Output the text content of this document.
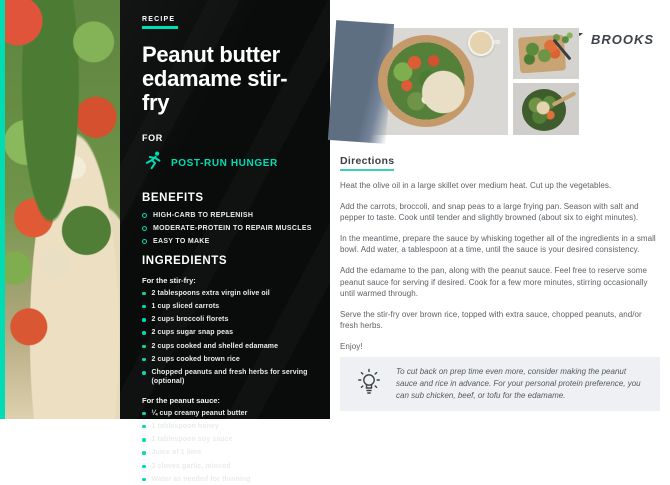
RECIPE
Peanut butter edamame stir-fry
FOR
POST-RUN HUNGER
BENEFITS
HIGH-CARB TO REPLENISH
MODERATE-PROTEIN TO REPAIR MUSCLES
EASY TO MAKE
INGREDIENTS
For the stir-fry:
2 tablespoons extra virgin olive oil
1 cup sliced carrots
2 cups broccoli florets
2 cups sugar snap peas
2 cups cooked and shelled edamame
2 cups cooked brown rice
Chopped peanuts and fresh herbs for serving (optional)
For the peanut sauce:
¼ cup creamy peanut butter
1 tablespoon honey
1 tablespoon soy sauce
Juice of 1 lime
3 cloves garlic, minced
Water as needed for thinning
BROOKS
Directions

Heat the olive oil in a large skillet over medium heat. Cut up the vegetables.

Add the carrots, broccoli, and snap peas to a large frying pan. Season with salt and pepper to taste. Cook until tender and slightly browned (about six to eight minutes).

In the meantime, prepare the sauce by whisking together all of the ingredients in a small bowl. Add water, a tablespoon at a time, until the sauce is your desired consistency.

Add the edamame to the pan, along with the peanut sauce. Feel free to reserve some peanut sauce for serving if desired. Cook for a few more minutes, stirring occasionally until warmed through.

Serve the stir-fry over brown rice, topped with extra sauce, chopped peanuts, and/or fresh herbs.

Enjoy!

To cut back on prep time even more, consider making the peanut sauce and rice in advance. For your personal protein preference, you can sub chicken, beef, or tofu for the edamame.
